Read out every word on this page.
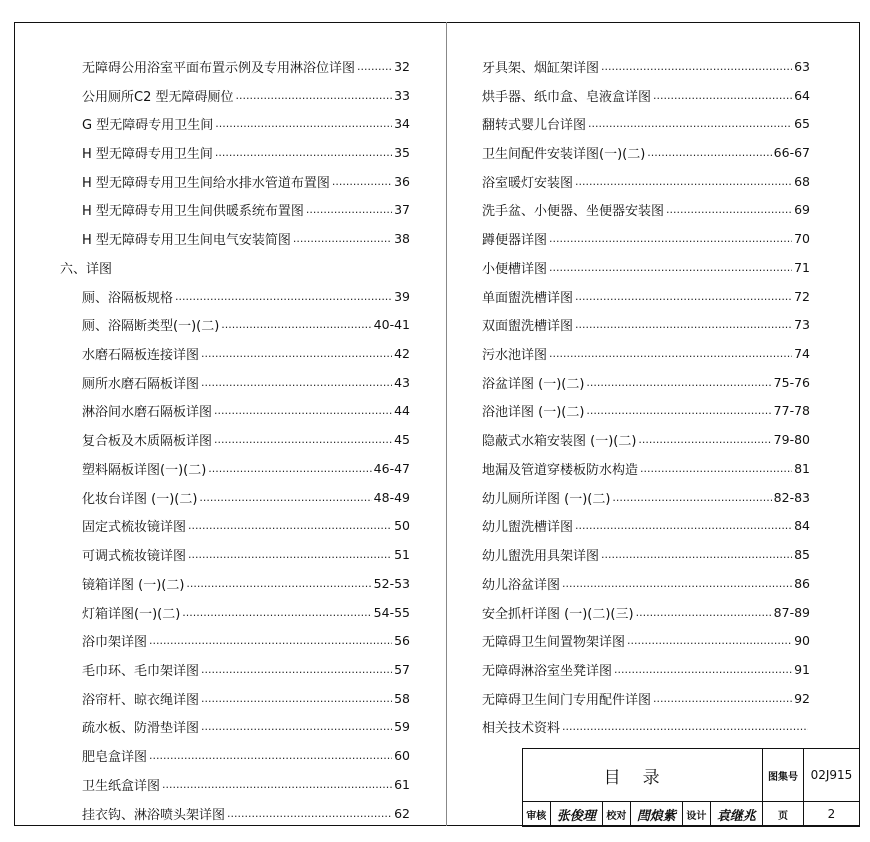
无障碍公用浴室平面布置示例及专用淋浴位详图 .....	32
公用厕所C2 型无障碍厕位 .....	33
G 型无障碍专用卫生间 .....	34
H 型无障碍专用卫生间 .....	35
H 型无障碍专用卫生间给水排水管道布置图 .....	36
H 型无障碍专用卫生间供暖系统布置图 .....	37
H 型无障碍专用卫生间电气安装简图 .....	38
六、详图
厕、浴隔板规格 .....	39
厕、浴隔断类型(一)(二) .....	40-41
水磨石隔板连接详图 .....	42
厕所水磨石隔板详图 .....	43
淋浴间水磨石隔板详图 .....	44
复合板及木质隔板详图 .....	45
塑料隔板详图(一)(二) .....	46-47
化妆台详图 (一)(二) .....	48-49
固定式梳妆镜详图 .....	50
可调式梳妆镜详图 .....	51
镜箱详图 (一)(二) .....	52-53
灯箱详图(一)(二) .....	54-55
浴巾架详图 .....	56
毛巾环、毛巾架详图 .....	57
浴帘杆、晾衣绳详图 .....	58
疏水板、防滑垫详图 .....	59
肥皂盒详图 .....	60
卫生纸盒详图 .....	61
挂衣钩、淋浴喷头架详图 .....	62
牙具架、烟缸架详图 .....	63
烘手器、纸巾盒、皂液盒详图 .....	64
翻转式婴儿台详图 .....	65
卫生间配件安装详图(一)(二) .....	66-67
浴室暖灯安装图 .....	68
洗手盆、小便器、坐便器安装图 .....	69
蹲便器详图 .....	70
小便槽详图 .....	71
单面盥洗槽详图 .....	72
双面盥洗槽详图 .....	73
污水池详图 .....	74
浴盆详图 (一)(二) .....	75-76
浴池详图 (一)(二) .....	77-78
隐蔽式水箱安装图 (一)(二) .....	79-80
地漏及管道穿楼板防水构造 .....	81
幼儿厕所详图 (一)(二) .....	82-83
幼儿盥洗槽详图 .....	84
幼儿盥洗用具架详图 .....	85
幼儿浴盆详图 .....	86
安全抓杆详图 (一)(二)(三) .....	87-89
无障碍卫生间置物架详图 .....	90
无障碍淋浴室坐凳详图 .....	91
无障碍卫生间门专用配件详图 .....	92
相关技术资料
.....
目录						图集号	02J915
审核	张俊理	校对	閆烺紫	设计	袁继兆	页	2
